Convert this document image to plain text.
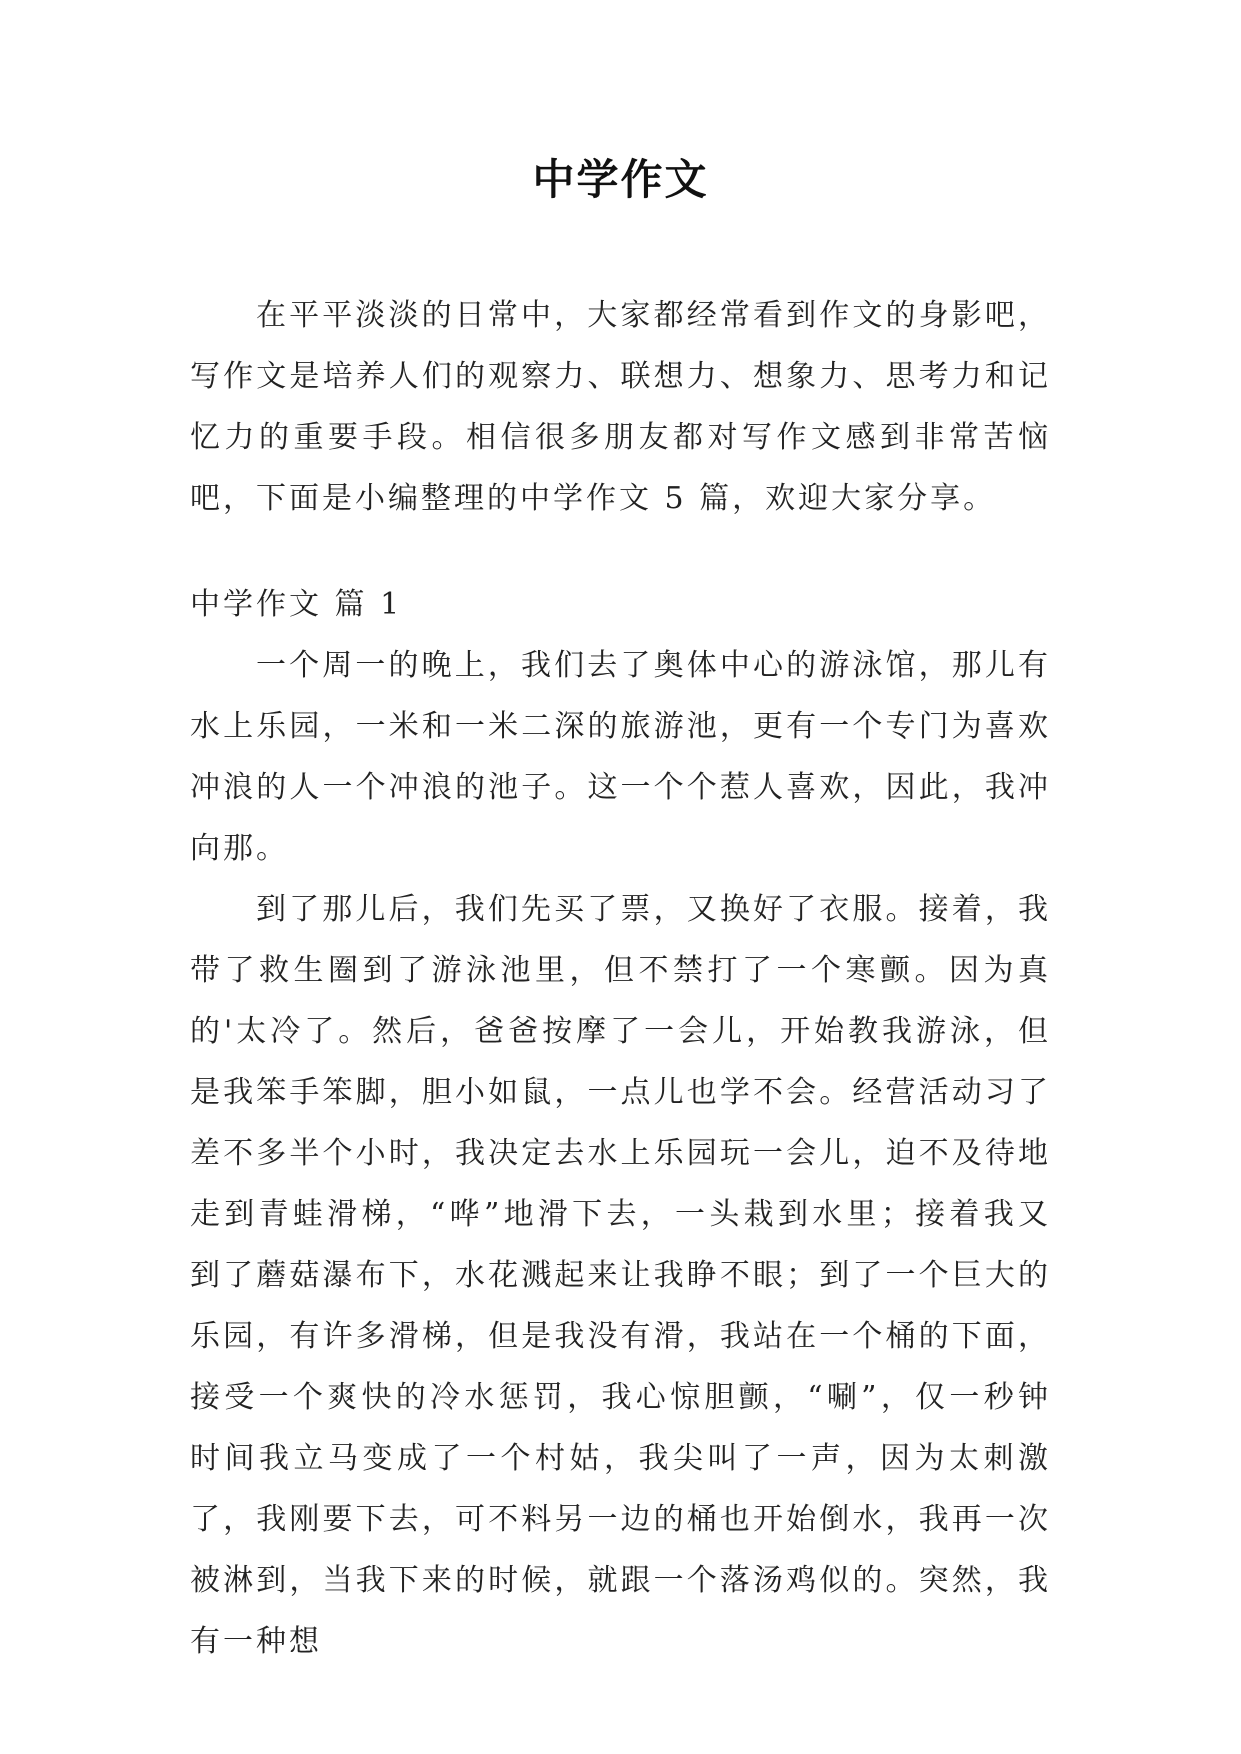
中学作文

在平平淡淡的日常中，大家都经常看到作文的身影吧，写作文是培养人们的观察力、联想力、想象力、思考力和记忆力的重要手段。相信很多朋友都对写作文感到非常苦恼吧，下面是小编整理的中学作文 5 篇，欢迎大家分享。

中学作文 篇 1

一个周一的晚上，我们去了奥体中心的游泳馆，那儿有水上乐园，一米和一米二深的旅游池，更有一个专门为喜欢冲浪的人一个冲浪的池子。这一个个惹人喜欢，因此，我冲向那。

到了那儿后，我们先买了票，又换好了衣服。接着，我带了救生圈到了游泳池里，但不禁打了一个寒颤。因为真的'太冷了。然后，爸爸按摩了一会儿，开始教我游泳，但是我笨手笨脚，胆小如鼠，一点儿也学不会。经营活动习了差不多半个小时，我决定去水上乐园玩一会儿，迫不及待地走到青蛙滑梯，“哗”地滑下去，一头栽到水里；接着我又到了蘑菇瀑布下，水花溅起来让我睁不眼；到了一个巨大的乐园，有许多滑梯，但是我没有滑，我站在一个桶的下面，接受一个爽快的冷水惩罚，我心惊胆颤，“唰”，仅一秒钟时间我立马变成了一个村姑，我尖叫了一声，因为太刺激了，我刚要下去，可不料另一边的桶也开始倒水，我再一次被淋到，当我下来的时候，就跟一个落汤鸡似的。突然，我有一种想
